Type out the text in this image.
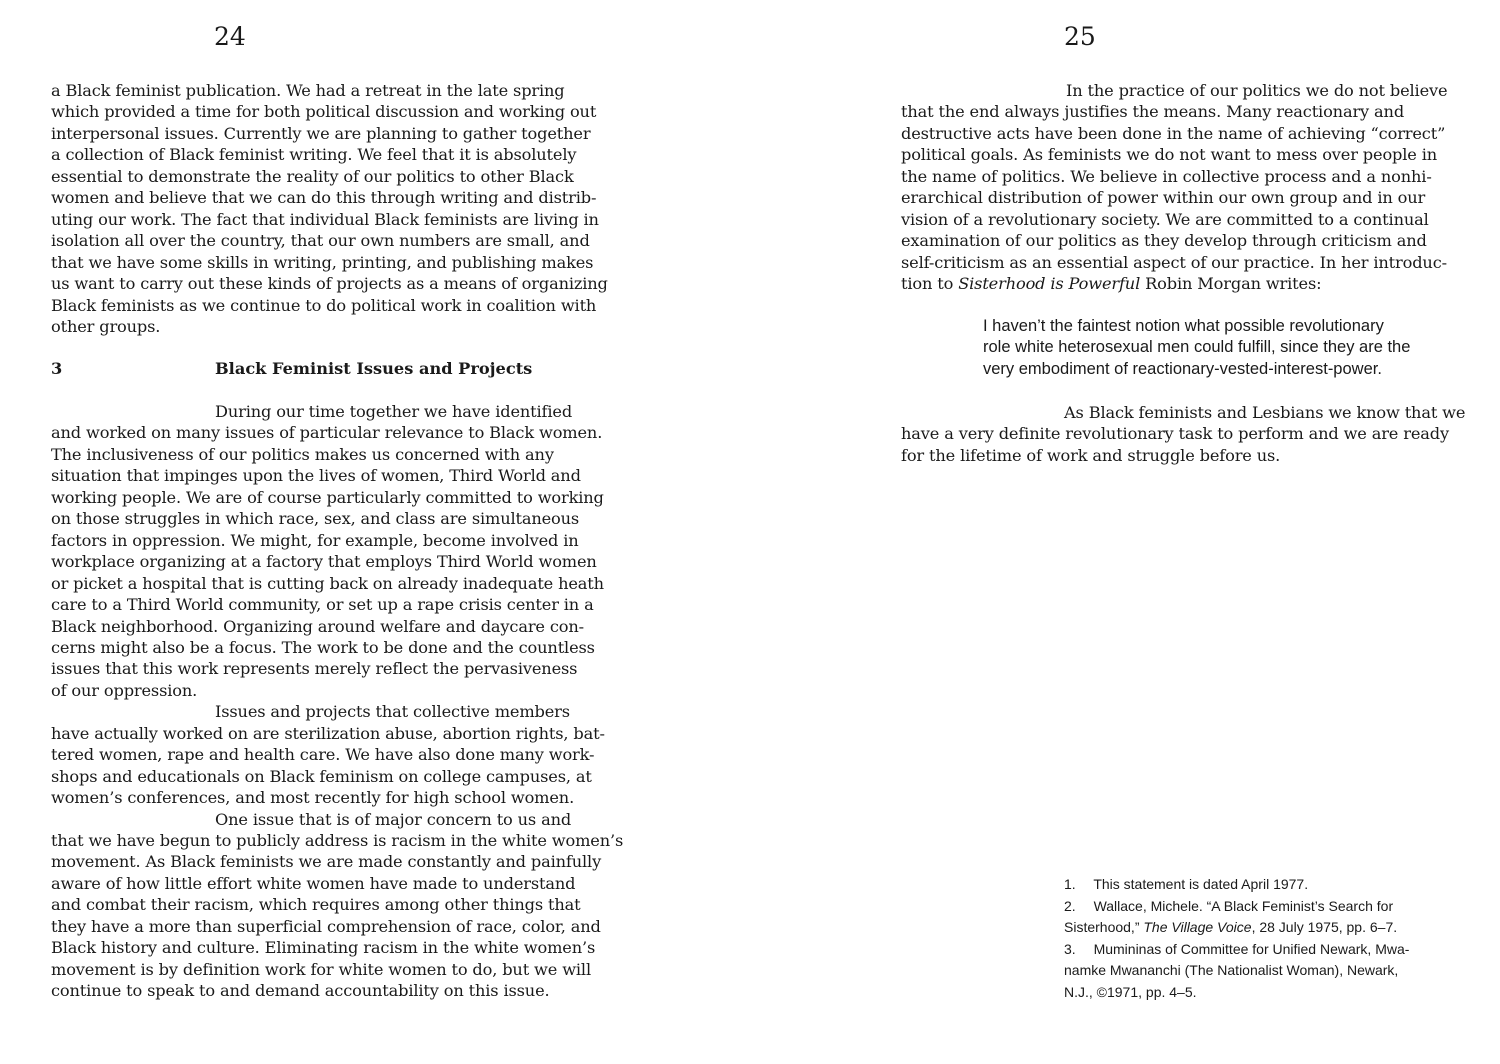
24
a Black feminist publication. We had a retreat in the late spring
which provided a time for both political discussion and working out
interpersonal issues. Currently we are planning to gather together
a collection of Black feminist writing. We feel that it is absolutely
essential to demonstrate the reality of our politics to other Black
women and believe that we can do this through writing and distrib-
uting our work. The fact that individual Black feminists are living in
isolation all over the country, that our own numbers are small, and
that we have some skills in writing, printing, and publishing makes
us want to carry out these kinds of projects as a means of organizing
Black feminists as we continue to do political work in coalition with
other groups.
3	Black Feminist Issues and Projects
During our time together we have identified
and worked on many issues of particular relevance to Black women.
The inclusiveness of our politics makes us concerned with any
situation that impinges upon the lives of women, Third World and
working people. We are of course particularly committed to working
on those struggles in which race, sex, and class are simultaneous
factors in oppression. We might, for example, become involved in
workplace organizing at a factory that employs Third World women
or picket a hospital that is cutting back on already inadequate heath
care to a Third World community, or set up a rape crisis center in a
Black neighborhood. Organizing around welfare and daycare con-
cerns might also be a focus. The work to be done and the countless
issues that this work represents merely reflect the pervasiveness
of our oppression.
Issues and projects that collective members
have actually worked on are sterilization abuse, abortion rights, bat-
tered women, rape and health care. We have also done many work-
shops and educationals on Black feminism on college campuses, at
women’s conferences, and most recently for high school women.
One issue that is of major concern to us and
that we have begun to publicly address is racism in the white women’s
movement. As Black feminists we are made constantly and painfully
aware of how little effort white women have made to understand
and combat their racism, which requires among other things that
they have a more than superficial comprehension of race, color, and
Black history and culture. Eliminating racism in the white women’s
movement is by definition work for white women to do, but we will
continue to speak to and demand accountability on this issue.
25
In the practice of our politics we do not believe
that the end always justifies the means. Many reactionary and
destructive acts have been done in the name of achieving “correct”
political goals. As feminists we do not want to mess over people in
the name of politics. We believe in collective process and a nonhi-
erarchical distribution of power within our own group and in our
vision of a revolutionary society. We are committed to a continual
examination of our politics as they develop through criticism and
self-criticism as an essential aspect of our practice. In her introduc-
tion to Sisterhood is Powerful Robin Morgan writes:
I haven’t the faintest notion what possible revolutionary
role white heterosexual men could fulfill, since they are the
very embodiment of reactionary-vested-interest-power.
As Black feminists and Lesbians we know that we
have a very definite revolutionary task to perform and we are ready
for the lifetime of work and struggle before us.
1.  This statement is dated April 1977.
2.  Wallace, Michele. “A Black Feminist’s Search for
Sisterhood,” The Village Voice, 28 July 1975, pp. 6–7.
3.  Mumininas of Committee for Unified Newark, Mwa-
namke Mwananchi (The Nationalist Woman), Newark,
N.J., ©1971, pp. 4–5.
